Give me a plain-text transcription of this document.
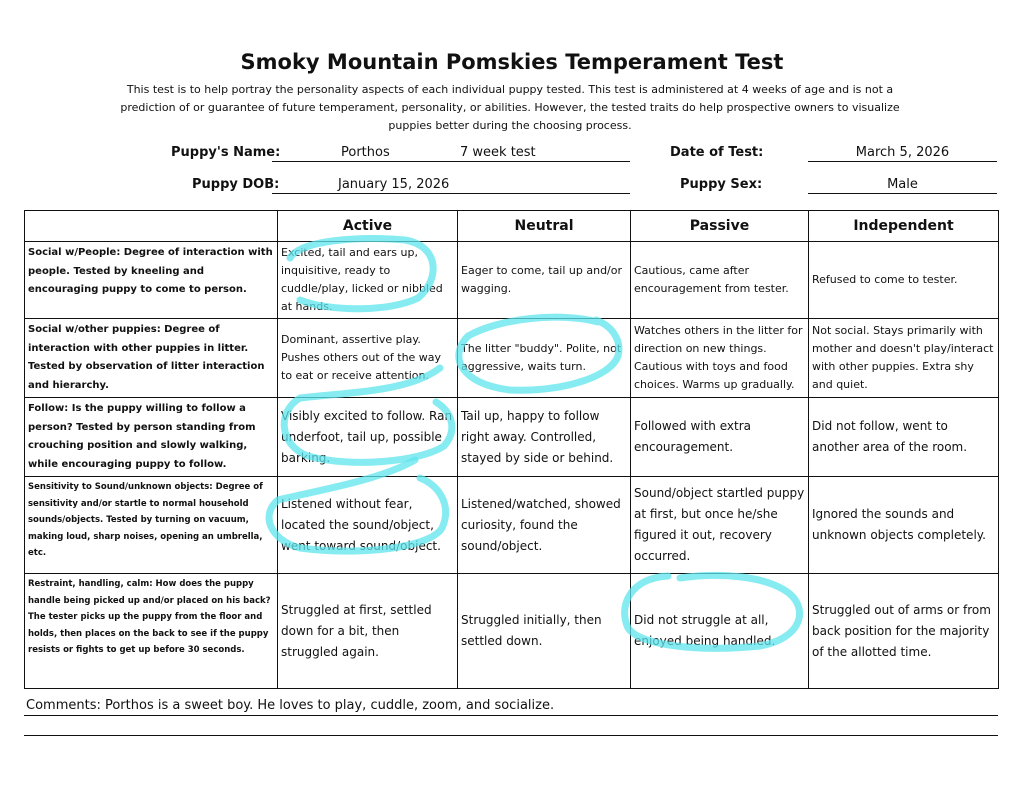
Smoky Mountain Pomskies Temperament Test
This test is to help portray the personality aspects of each individual puppy tested. This test is administered at 4 weeks of age and is not a prediction of or guarantee of future temperament, personality, or abilities. However, the tested traits do help prospective owners to visualize puppies better during the choosing process.
Puppy's Name:	Porthos	7 week test	Date of Test:	March 5, 2026
Puppy DOB:	January 15, 2026	Puppy Sex:	Male
	Active	Neutral	Passive	Independent
Social w/People: Degree of interaction with people. Tested by kneeling and encouraging puppy to come to person.	Excited, tail and ears up, inquisitive, ready to cuddle/play, licked or nibbled at hands.	Eager to come, tail up and/or wagging.	Cautious, came after encouragement from tester.	Refused to come to tester.
Social w/other puppies: Degree of interaction with other puppies in litter. Tested by observation of litter interaction and hierarchy.	Dominant, assertive play. Pushes others out of the way to eat or receive attention.	The litter "buddy". Polite, not aggressive, waits turn.	Watches others in the litter for direction on new things. Cautious with toys and food choices. Warms up gradually.	Not social. Stays primarily with mother and doesn't play/interact with other puppies. Extra shy and quiet.
Follow: Is the puppy willing to follow a person? Tested by person standing from crouching position and slowly walking, while encouraging puppy to follow.	Visibly excited to follow. Ran underfoot, tail up, possible barking.	Tail up, happy to follow right away. Controlled, stayed by side or behind.	Followed with extra encouragement.	Did not follow, went to another area of the room.
Sensitivity to Sound/unknown objects: Degree of sensitivity and/or startle to normal household sounds/objects. Tested by turning on vacuum, making loud, sharp noises, opening an umbrella, etc.	Listened without fear, located the sound/object, went toward sound/object.	Listened/watched, showed curiosity, found the sound/object.	Sound/object startled puppy at first, but once he/she figured it out, recovery occurred.	Ignored the sounds and unknown objects completely.
Restraint, handling, calm: How does the puppy handle being picked up and/or placed on his back? The tester picks up the puppy from the floor and holds, then places on the back to see if the puppy resists or fights to get up before 30 seconds.	Struggled at first, settled down for a bit, then struggled again.	Struggled initially, then settled down.	Did not struggle at all, enjoyed being handled.	Struggled out of arms or from back position for the majority of the allotted time.
Comments: Porthos is a sweet boy. He loves to play, cuddle, zoom, and socialize.
